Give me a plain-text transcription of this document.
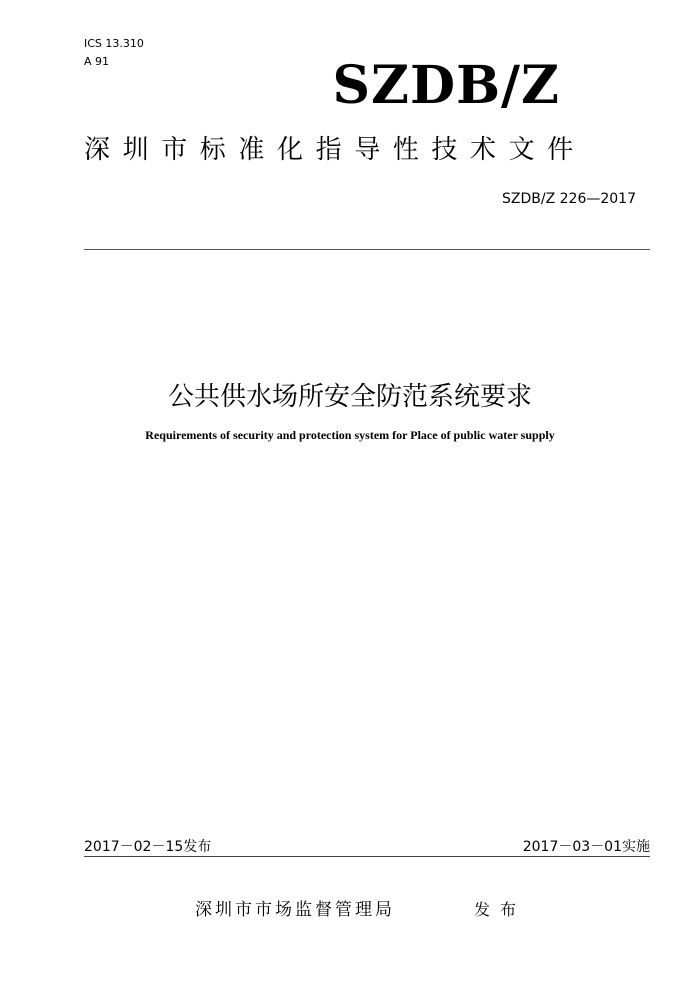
ICS 13.310
A 91	SZDB/Z
深圳市标准化指导性技术文件
SZDB/Z 226—2017
公共供水场所安全防范系统要求
Requirements of security and protection system for Place of public water supply
2017－02－15发布	2017－03－01实施
深圳市市场监督管理局	发布
